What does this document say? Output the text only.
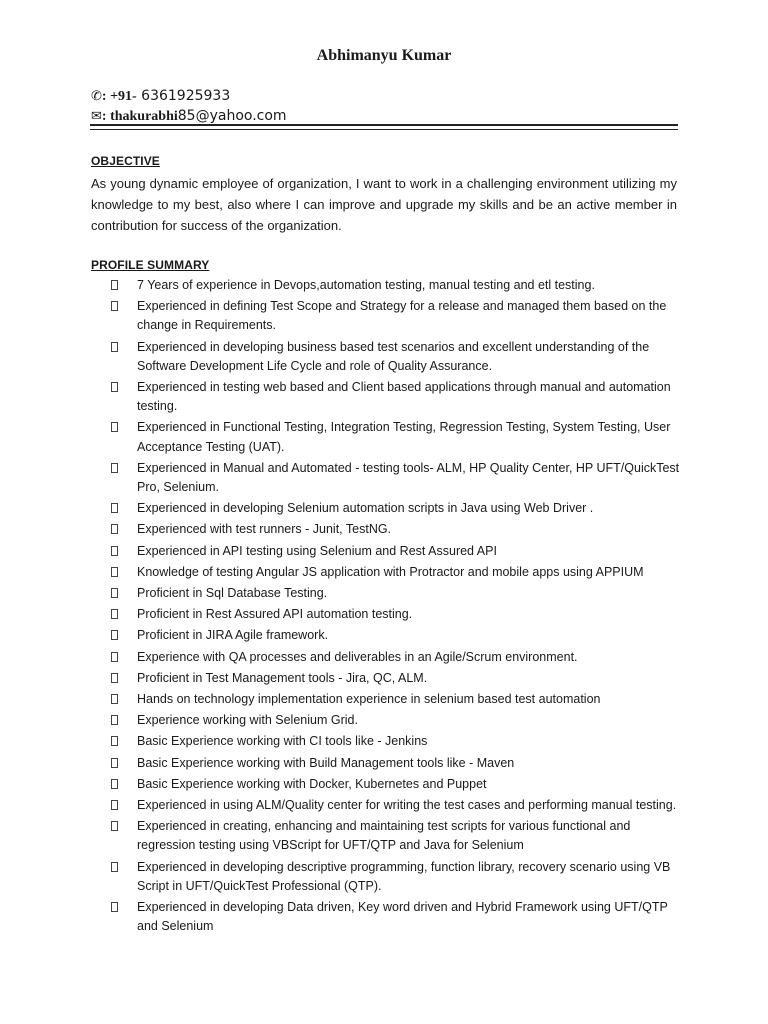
Abhimanyu Kumar
✆: +91- 6361925933
✉: thakurabhi85@yahoo.com
OBJECTIVE
As young dynamic employee of organization, I want to work in a challenging environment utilizing my knowledge to my best, also where I can improve and upgrade my skills and be an active member in contribution for success of the organization.
PROFILE SUMMARY
7 Years of experience in Devops,automation testing, manual testing and etl testing.
Experienced in defining Test Scope and Strategy for a release and managed them based on the change in Requirements.
Experienced in developing business based test scenarios and excellent understanding of the Software Development Life Cycle and role of Quality Assurance.
Experienced in testing web based and Client based applications through manual and automation testing.
Experienced in Functional Testing, Integration Testing, Regression Testing, System Testing, User Acceptance Testing (UAT).
Experienced in Manual and Automated - testing tools- ALM, HP Quality Center, HP UFT/QuickTest Pro, Selenium.
Experienced in developing Selenium automation scripts in Java using Web Driver .
Experienced with test runners - Junit, TestNG.
Experienced in API testing using Selenium and Rest Assured API
Knowledge of testing Angular JS application with Protractor and mobile apps using APPIUM
Proficient in Sql Database Testing.
Proficient in Rest Assured API automation testing.
Proficient in JIRA Agile framework.
Experience with QA processes and deliverables in an Agile/Scrum environment.
Proficient in Test Management tools - Jira, QC, ALM.
Hands on technology implementation experience in selenium based test automation
Experience working with Selenium Grid.
Basic Experience working with CI tools like - Jenkins
Basic Experience working with Build Management tools like - Maven
Basic Experience working with Docker, Kubernetes and Puppet
Experienced in using ALM/Quality center for writing the test cases and performing manual testing.
Experienced in creating, enhancing and maintaining test scripts for various functional and regression testing using VBScript for UFT/QTP and Java for Selenium
Experienced in developing descriptive programming, function library, recovery scenario using VB Script in UFT/QuickTest Professional (QTP).
Experienced in developing Data driven, Key word driven and Hybrid Framework using UFT/QTP and Selenium
